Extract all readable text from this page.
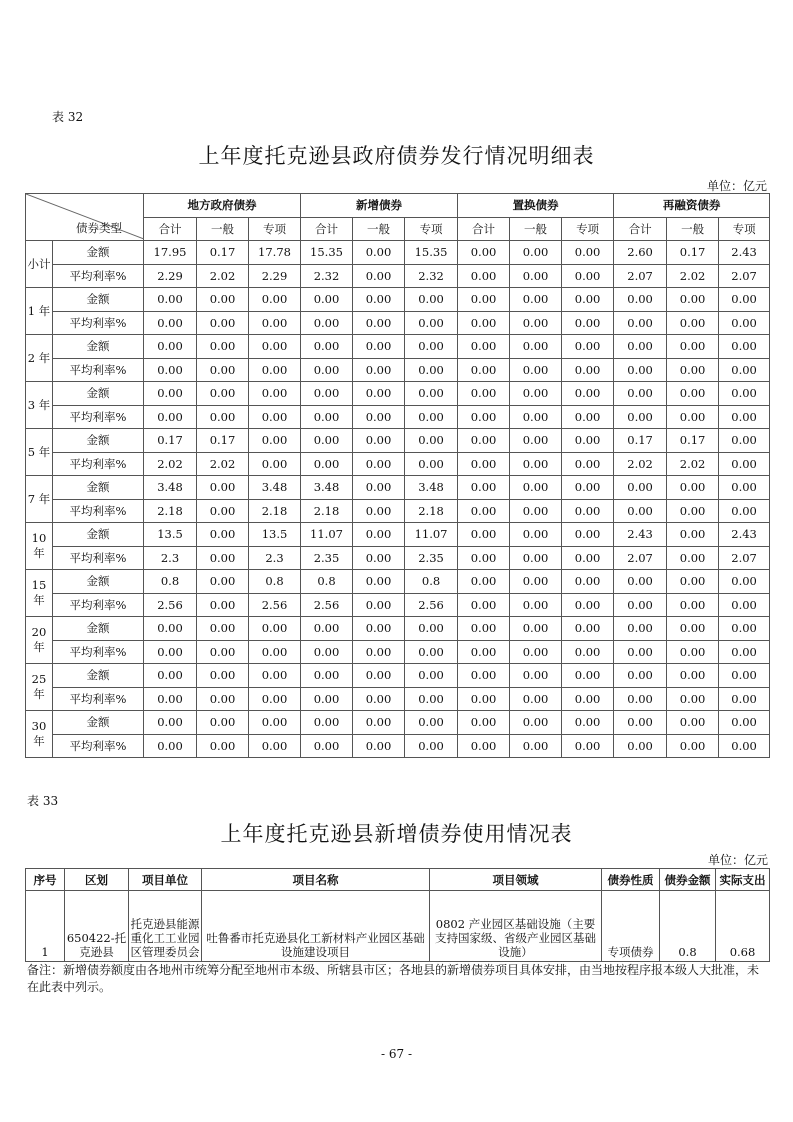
表 32
上年度托克逊县政府债券发行情况明细表
单位：亿元
债券类型		地方政府债券			新增债券			置换债券			再融资债券		
		合计	一般	专项	合计	一般	专项	合计	一般	专项	合计	一般	专项
小计	金额	17.95	0.17	17.78	15.35	0.00	15.35	0.00	0.00	0.00	2.60	0.17	2.43
	平均利率%	2.29	2.02	2.29	2.32	0.00	2.32	0.00	0.00	0.00	2.07	2.02	2.07
1 年	金额	0.00	0.00	0.00	0.00	0.00	0.00	0.00	0.00	0.00	0.00	0.00	0.00
	平均利率%	0.00	0.00	0.00	0.00	0.00	0.00	0.00	0.00	0.00	0.00	0.00	0.00
2 年	金额	0.00	0.00	0.00	0.00	0.00	0.00	0.00	0.00	0.00	0.00	0.00	0.00
	平均利率%	0.00	0.00	0.00	0.00	0.00	0.00	0.00	0.00	0.00	0.00	0.00	0.00
3 年	金额	0.00	0.00	0.00	0.00	0.00	0.00	0.00	0.00	0.00	0.00	0.00	0.00
	平均利率%	0.00	0.00	0.00	0.00	0.00	0.00	0.00	0.00	0.00	0.00	0.00	0.00
5 年	金额	0.17	0.17	0.00	0.00	0.00	0.00	0.00	0.00	0.00	0.17	0.17	0.00
	平均利率%	2.02	2.02	0.00	0.00	0.00	0.00	0.00	0.00	0.00	2.02	2.02	0.00
7 年	金额	3.48	0.00	3.48	3.48	0.00	3.48	0.00	0.00	0.00	0.00	0.00	0.00
	平均利率%	2.18	0.00	2.18	2.18	0.00	2.18	0.00	0.00	0.00	0.00	0.00	0.00
10 年	金额	13.5	0.00	13.5	11.07	0.00	11.07	0.00	0.00	0.00	2.43	0.00	2.43
	平均利率%	2.3	0.00	2.3	2.35	0.00	2.35	0.00	0.00	0.00	2.07	0.00	2.07
15 年	金额	0.8	0.00	0.8	0.8	0.00	0.8	0.00	0.00	0.00	0.00	0.00	0.00
	平均利率%	2.56	0.00	2.56	2.56	0.00	2.56	0.00	0.00	0.00	0.00	0.00	0.00
20 年	金额	0.00	0.00	0.00	0.00	0.00	0.00	0.00	0.00	0.00	0.00	0.00	0.00
	平均利率%	0.00	0.00	0.00	0.00	0.00	0.00	0.00	0.00	0.00	0.00	0.00	0.00
25 年	金额	0.00	0.00	0.00	0.00	0.00	0.00	0.00	0.00	0.00	0.00	0.00	0.00
	平均利率%	0.00	0.00	0.00	0.00	0.00	0.00	0.00	0.00	0.00	0.00	0.00	0.00
30 年	金额	0.00	0.00	0.00	0.00	0.00	0.00	0.00	0.00	0.00	0.00	0.00	0.00
	平均利率%	0.00	0.00	0.00	0.00	0.00	0.00	0.00	0.00	0.00	0.00	0.00	0.00
表 33
上年度托克逊县新增债券使用情况表
单位：亿元
序号	区划	项目单位	项目名称	项目领域	债券性质	债券金额	实际支出
1	650422-托克逊县	托克逊县能源重化工工业园区管理委员会	吐鲁番市托克逊县化工新材料产业园区基础设施建设项目	0802 产业园区基础设施（主要支持国家级、省级产业园区基础设施）	专项债券	0.8	0.68
备注：新增债券额度由各地州市统筹分配至地州市本级、所辖县市区；各地县的新增债券项目具体安排，由当地按程序报本级人大批准，未在此表中列示。
- 67 -
